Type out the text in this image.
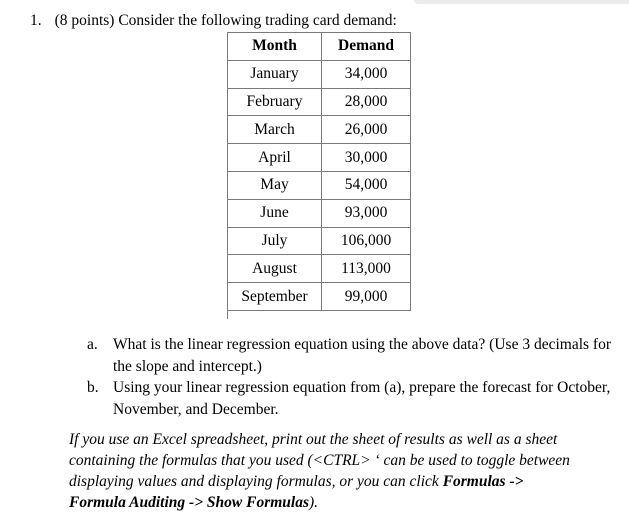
1. (8 points) Consider the following trading card demand:
Month	Demand
January	34,000
February	28,000
March	26,000
April	30,000
May	54,000
June	93,000
July	106,000
August	113,000
September	99,000
a. What is the linear regression equation using the above data? (Use 3 decimals for the slope and intercept.)
b. Using your linear regression equation from (a), prepare the forecast for October, November, and December.
If you use an Excel spreadsheet, print out the sheet of results as well as a sheet containing the formulas that you used (<CTRL> ‘ can be used to toggle between displaying values and displaying formulas, or you can click Formulas -> Formula Auditing -> Show Formulas).
